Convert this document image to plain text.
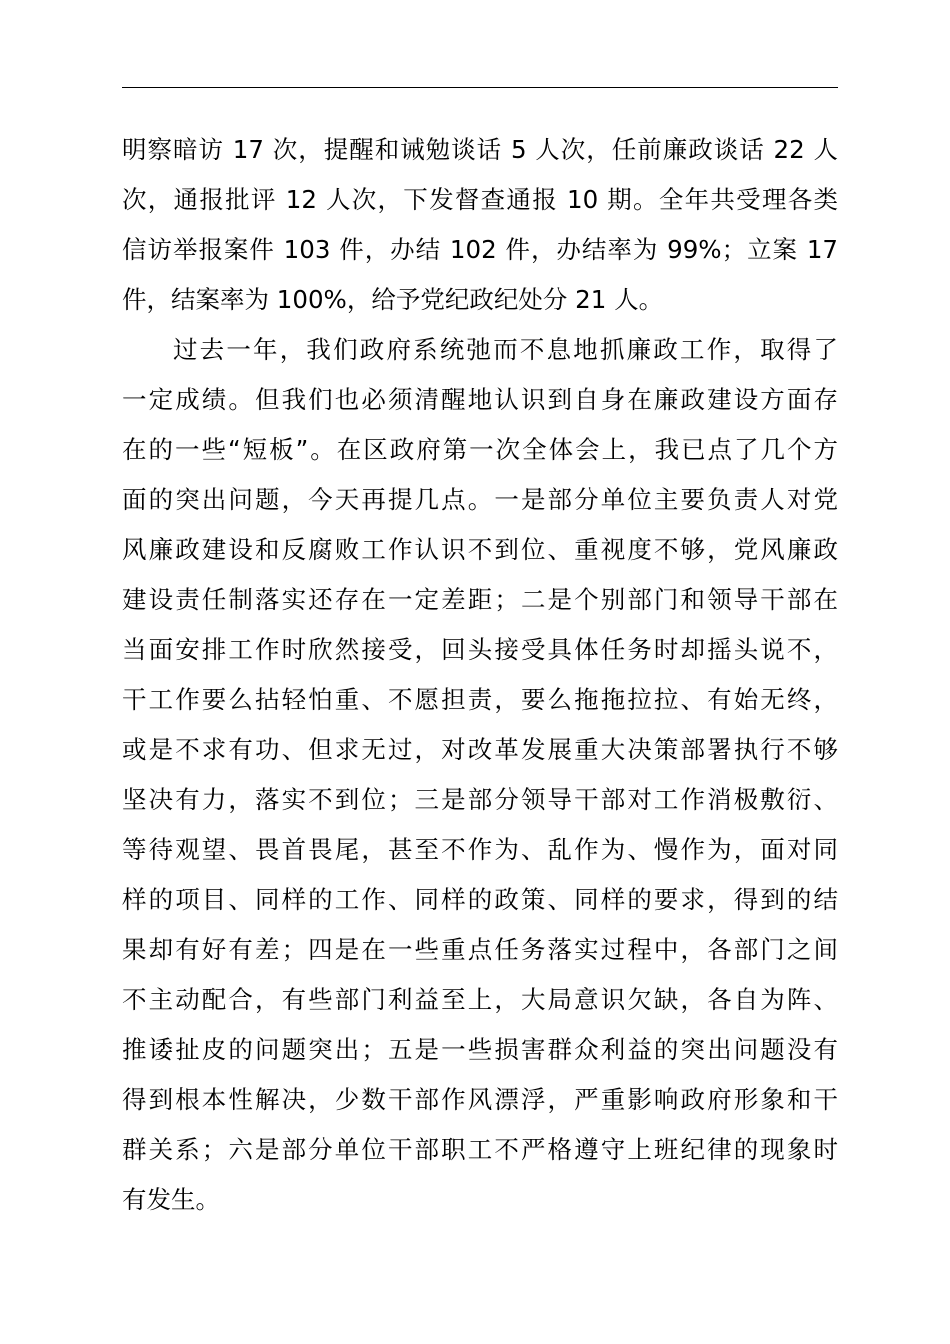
明察暗访 17 次，提醒和诫勉谈话 5 人次，任前廉政谈话 22 人
次，通报批评 12 人次，下发督查通报 10 期。全年共受理各类
信访举报案件 103 件，办结 102 件，办结率为 99%；立案 17
件，结案率为 100%，给予党纪政纪处分 21 人。
过去一年，我们政府系统弛而不息地抓廉政工作，取得了
一定成绩。但我们也必须清醒地认识到自身在廉政建设方面存
在的一些“短板”。在区政府第一次全体会上，我已点了几个方
面的突出问题，今天再提几点。一是部分单位主要负责人对党
风廉政建设和反腐败工作认识不到位、重视度不够，党风廉政
建设责任制落实还存在一定差距；二是个别部门和领导干部在
当面安排工作时欣然接受，回头接受具体任务时却摇头说不，
干工作要么拈轻怕重、不愿担责，要么拖拖拉拉、有始无终，
或是不求有功、但求无过，对改革发展重大决策部署执行不够
坚决有力，落实不到位；三是部分领导干部对工作消极敷衍、
等待观望、畏首畏尾，甚至不作为、乱作为、慢作为，面对同
样的项目、同样的工作、同样的政策、同样的要求，得到的结
果却有好有差；四是在一些重点任务落实过程中，各部门之间
不主动配合，有些部门利益至上，大局意识欠缺，各自为阵、
推诿扯皮的问题突出；五是一些损害群众利益的突出问题没有
得到根本性解决，少数干部作风漂浮，严重影响政府形象和干
群关系；六是部分单位干部职工不严格遵守上班纪律的现象时
有发生。
